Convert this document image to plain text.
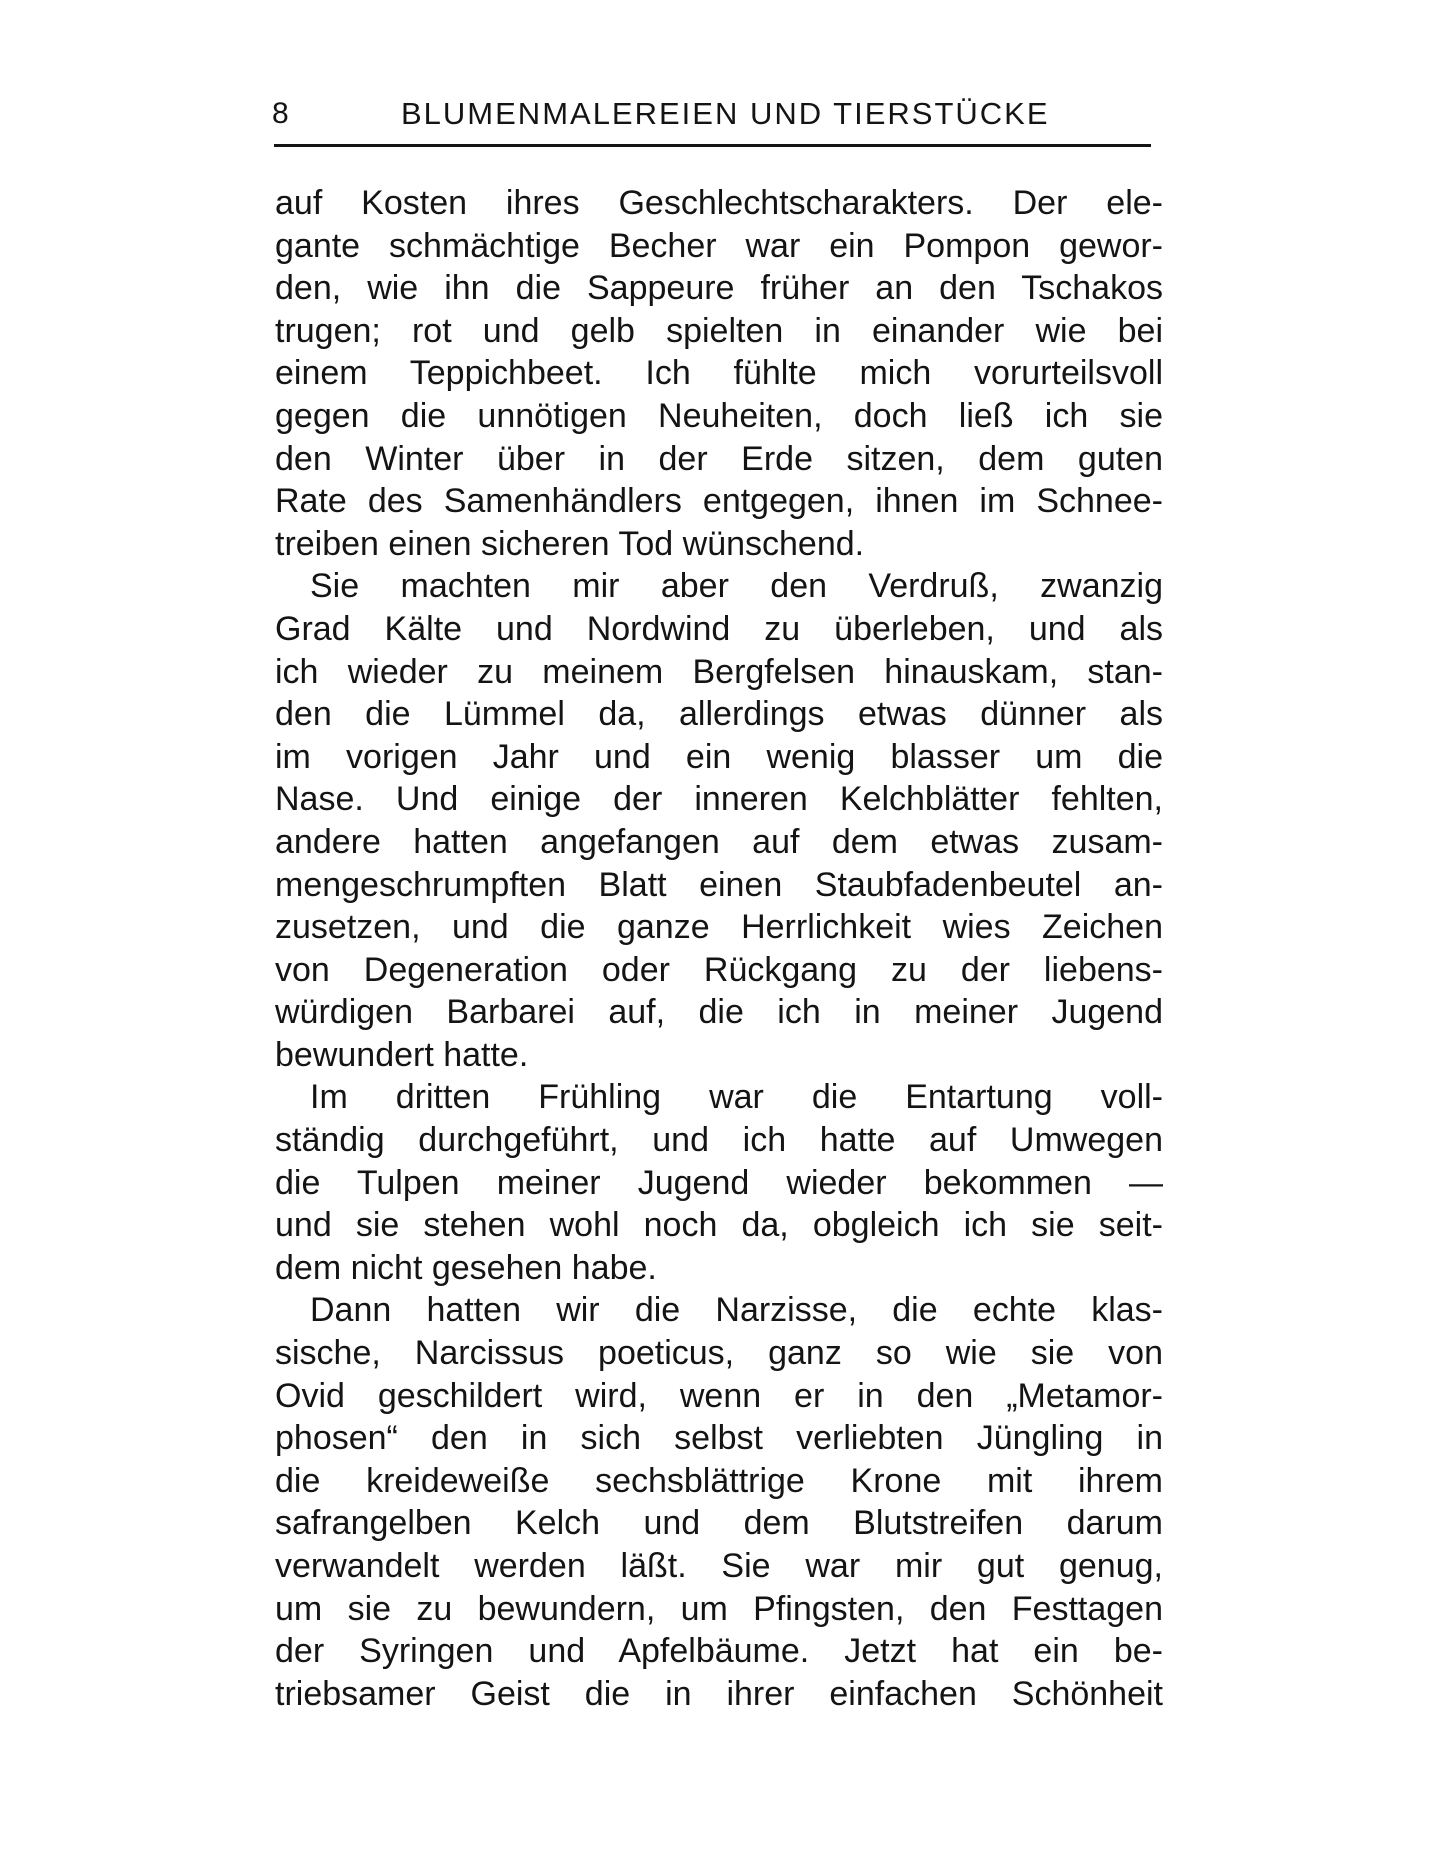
8	BLUMENMALEREIEN UND TIERSTÜCKE
auf Kosten ihres Geschlechtscharakters. Der ele-
gante schmächtige Becher war ein Pompon gewor-
den, wie ihn die Sappeure früher an den Tschakos
trugen; rot und gelb spielten in einander wie bei
einem Teppichbeet. Ich fühlte mich vorurteilsvoll
gegen die unnötigen Neuheiten, doch ließ ich sie
den Winter über in der Erde sitzen, dem guten
Rate des Samenhändlers entgegen, ihnen im Schnee-
treiben einen sicheren Tod wünschend.
Sie machten mir aber den Verdruß, zwanzig
Grad Kälte und Nordwind zu überleben, und als
ich wieder zu meinem Bergfelsen hinauskam, stan-
den die Lümmel da, allerdings etwas dünner als
im vorigen Jahr und ein wenig blasser um die
Nase. Und einige der inneren Kelchblätter fehlten,
andere hatten angefangen auf dem etwas zusam-
mengeschrumpften Blatt einen Staubfadenbeutel an-
zusetzen, und die ganze Herrlichkeit wies Zeichen
von Degeneration oder Rückgang zu der liebens-
würdigen Barbarei auf, die ich in meiner Jugend
bewundert hatte.
Im dritten Frühling war die Entartung voll-
ständig durchgeführt, und ich hatte auf Umwegen
die Tulpen meiner Jugend wieder bekommen —
und sie stehen wohl noch da, obgleich ich sie seit-
dem nicht gesehen habe.
Dann hatten wir die Narzisse, die echte klas-
sische, Narcissus poeticus, ganz so wie sie von
Ovid geschildert wird, wenn er in den „Metamor-
phosen“ den in sich selbst verliebten Jüngling in
die kreideweiße sechsblättrige Krone mit ihrem
safrangelben Kelch und dem Blutstreifen darum
verwandelt werden läßt. Sie war mir gut genug,
um sie zu bewundern, um Pfingsten, den Festtagen
der Syringen und Apfelbäume. Jetzt hat ein be-
triebsamer Geist die in ihrer einfachen Schönheit
